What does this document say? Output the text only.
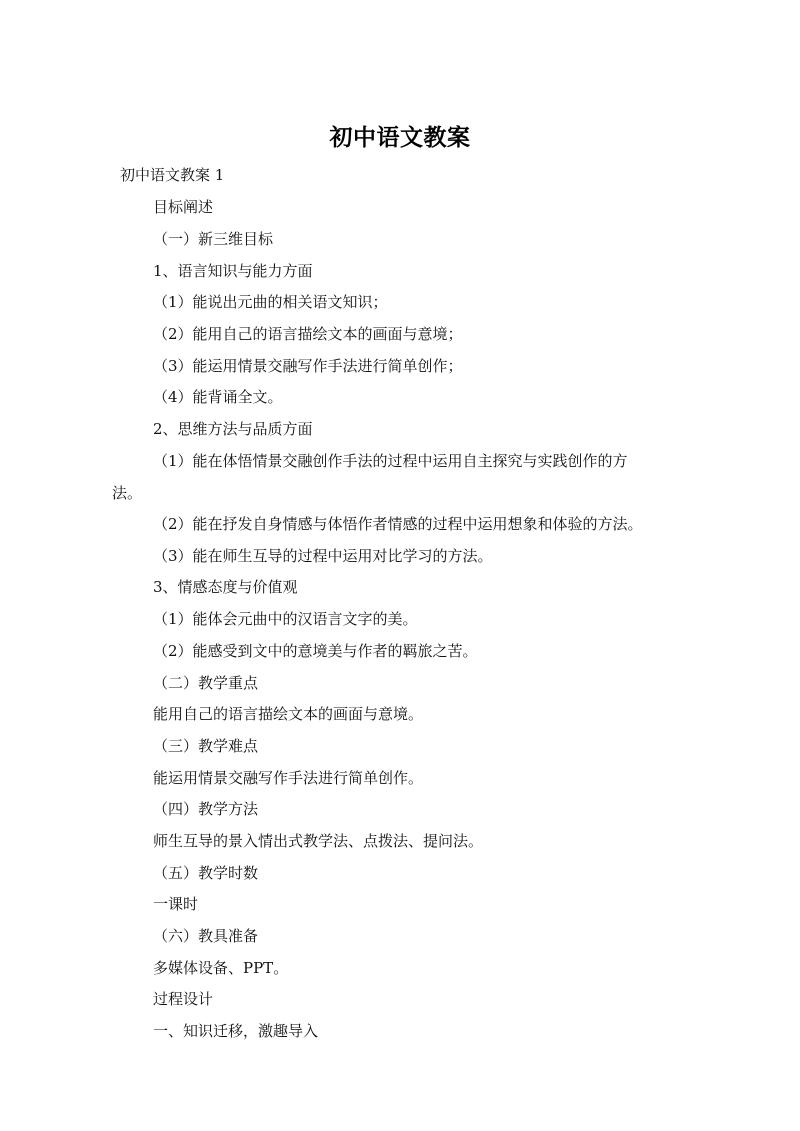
初中语文教案
初中语文教案 1
目标阐述
（一）新三维目标
1、语言知识与能力方面
（1）能说出元曲的相关语文知识；
（2）能用自己的语言描绘文本的画面与意境；
（3）能运用情景交融写作手法进行简单创作；
（4）能背诵全文。
2、思维方法与品质方面
（1）能在体悟情景交融创作手法的过程中运用自主探究与实践创作的方
法。
（2）能在抒发自身情感与体悟作者情感的过程中运用想象和体验的方法。
（3）能在师生互导的过程中运用对比学习的方法。
3、情感态度与价值观
（1）能体会元曲中的汉语言文字的美。
（2）能感受到文中的意境美与作者的羁旅之苦。
（二）教学重点
能用自己的语言描绘文本的画面与意境。
（三）教学难点
能运用情景交融写作手法进行简单创作。
（四）教学方法
师生互导的景入情出式教学法、点拨法、提问法。
（五）教学时数
一课时
（六）教具准备
多媒体设备、PPT。
过程设计
一、知识迁移，激趣导入
